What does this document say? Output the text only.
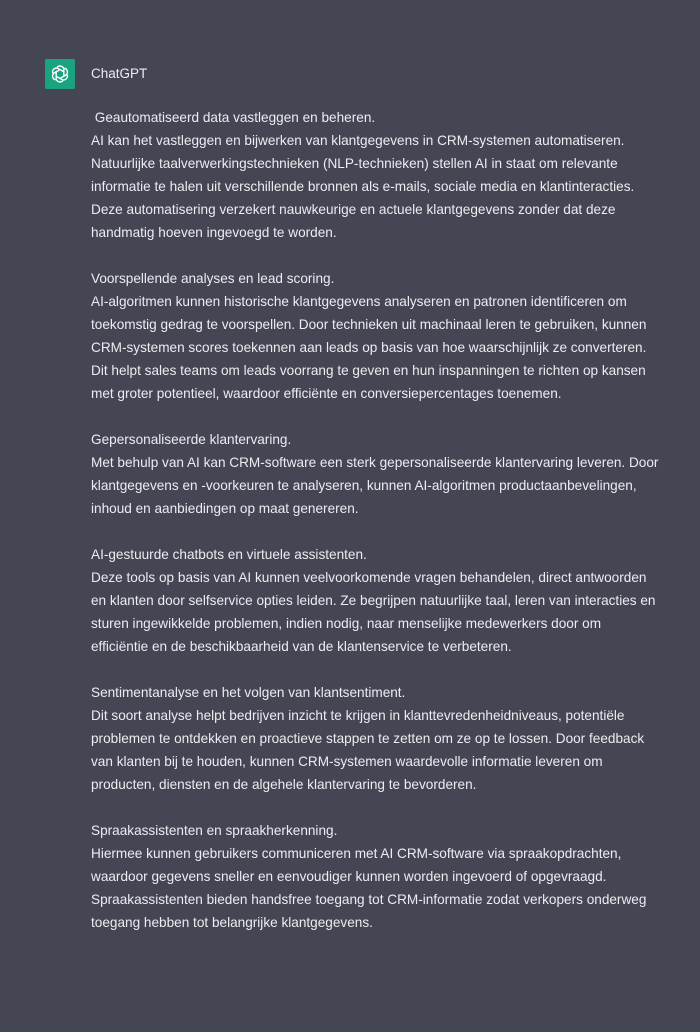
ChatGPT

Geautomatiseerd data vastleggen en beheren.

AI kan het vastleggen en bijwerken van klantgegevens in CRM-systemen automatiseren. Natuurlijke taalverwerkingstechnieken (NLP-technieken) stellen AI in staat om relevante informatie te halen uit verschillende bronnen als e-mails, sociale media en klantinteracties. Deze automatisering verzekert nauwkeurige en actuele klantgegevens zonder dat deze handmatig hoeven ingevoegd te worden.

Voorspellende analyses en lead scoring.

AI-algoritmen kunnen historische klantgegevens analyseren en patronen identificeren om toekomstig gedrag te voorspellen. Door technieken uit machinaal leren te gebruiken, kunnen CRM-systemen scores toekennen aan leads op basis van hoe waarschijnlijk ze converteren. Dit helpt sales teams om leads voorrang te geven en hun inspanningen te richten op kansen met groter potentieel, waardoor efficiënte en conversiepercentages toenemen.

Gepersonaliseerde klantervaring.

Met behulp van AI kan CRM-software een sterk gepersonaliseerde klantervaring leveren. Door klantgegevens en -voorkeuren te analyseren, kunnen AI-algoritmen productaanbevelingen, inhoud en aanbiedingen op maat genereren.

AI-gestuurde chatbots en virtuele assistenten.

Deze tools op basis van AI kunnen veelvoorkomende vragen behandelen, direct antwoorden en klanten door selfservice opties leiden. Ze begrijpen natuurlijke taal, leren van interacties en sturen ingewikkelde problemen, indien nodig, naar menselijke medewerkers door om efficiëntie en de beschikbaarheid van de klantenservice te verbeteren.

Sentimentanalyse en het volgen van klantsentiment.

Dit soort analyse helpt bedrijven inzicht te krijgen in klanttevredenheidniveaus, potentiële problemen te ontdekken en proactieve stappen te zetten om ze op te lossen. Door feedback van klanten bij te houden, kunnen CRM-systemen waardevolle informatie leveren om producten, diensten en de algehele klantervaring te bevorderen.

Spraakassistenten en spraakherkenning.

Hiermee kunnen gebruikers communiceren met AI CRM-software via spraakopdrachten, waardoor gegevens sneller en eenvoudiger kunnen worden ingevoerd of opgevraagd. Spraakassistenten bieden handsfree toegang tot CRM-informatie zodat verkopers onderweg toegang hebben tot belangrijke klantgegevens.
